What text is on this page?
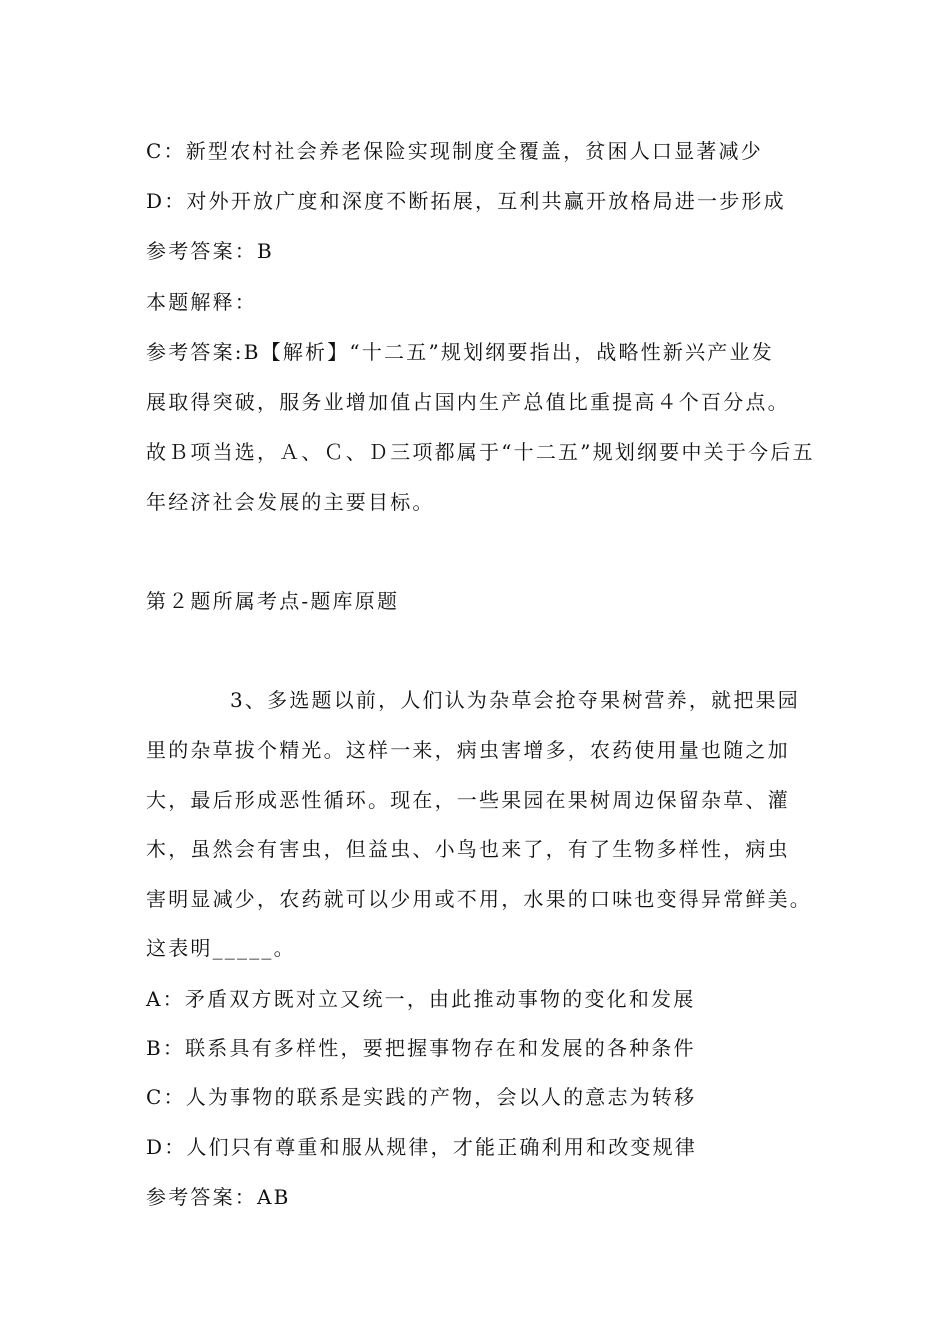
C：新型农村社会养老保险实现制度全覆盖，贫困人口显著减少
D：对外开放广度和深度不断拓展，互利共赢开放格局进一步形成
参考答案：B
本题解释：
参考答案:B【解析】“十二五”规划纲要指出，战略性新兴产业发
展取得突破，服务业增加值占国内生产总值比重提高４个百分点。
故Ｂ项当选，Ａ、Ｃ、Ｄ三项都属于“十二五”规划纲要中关于今后五
年经济社会发展的主要目标。
第２题所属考点-题库原题
3、多选题以前，人们认为杂草会抢夺果树营养，就把果园
里的杂草拔个精光。这样一来，病虫害增多，农药使用量也随之加
大，最后形成恶性循环。现在，一些果园在果树周边保留杂草、灌
木，虽然会有害虫，但益虫、小鸟也来了，有了生物多样性，病虫
害明显减少，农药就可以少用或不用，水果的口味也变得异常鲜美。
这表明_____。
A：矛盾双方既对立又统一，由此推动事物的变化和发展
B：联系具有多样性，要把握事物存在和发展的各种条件
C：人为事物的联系是实践的产物，会以人的意志为转移
D：人们只有尊重和服从规律，才能正确利用和改变规律
参考答案：AB
